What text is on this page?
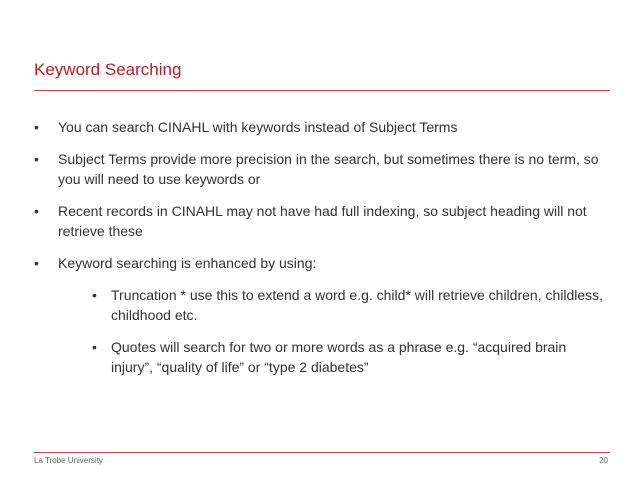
Keyword Searching
• You can search CINAHL with keywords instead of Subject Terms
• Subject Terms provide more precision in the search, but sometimes there is no term, so you will need to use keywords or
• Recent records in CINAHL may not have had full indexing, so subject heading will not retrieve these
• Keyword searching is enhanced by using:
• Truncation * use this to extend a word e.g. child* will retrieve children, childless, childhood etc.
• Quotes will search for two or more words as a phrase e.g. “acquired brain injury”, “quality of life” or “type 2 diabetes”
La Trobe University	20
